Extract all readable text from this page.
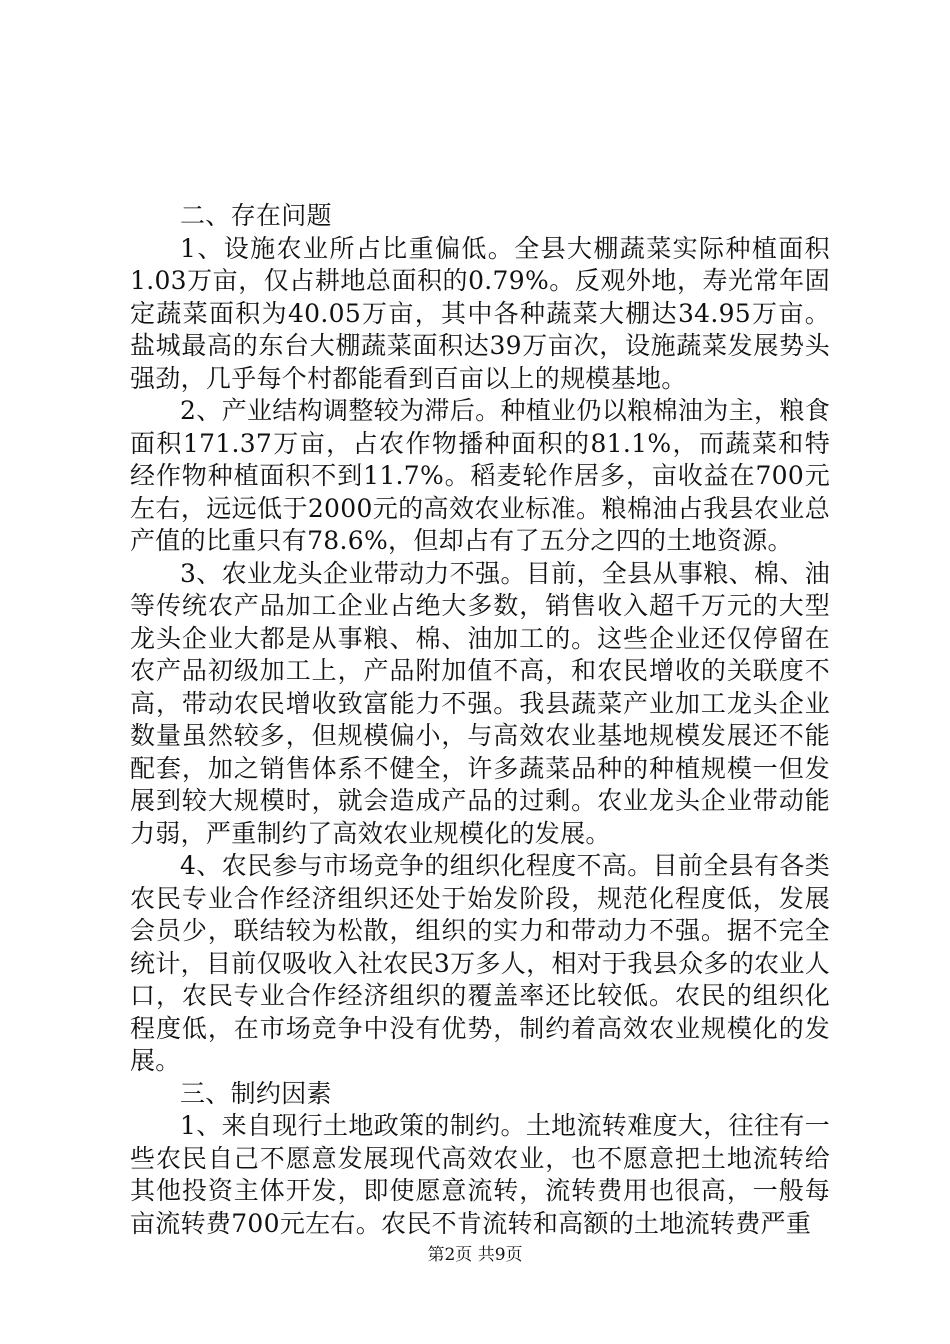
二、存在问题

1、设施农业所占比重偏低。全县大棚蔬菜实际种植面积1.03万亩，仅占耕地总面积的0.79%。反观外地，寿光常年固定蔬菜面积为40.05万亩，其中各种蔬菜大棚达34.95万亩。盐城最高的东台大棚蔬菜面积达39万亩次，设施蔬菜发展势头强劲，几乎每个村都能看到百亩以上的规模基地。

2、产业结构调整较为滞后。种植业仍以粮棉油为主，粮食面积171.37万亩，占农作物播种面积的81.1%，而蔬菜和特经作物种植面积不到11.7%。稻麦轮作居多，亩收益在700元左右，远远低于2000元的高效农业标准。粮棉油占我县农业总产值的比重只有78.6%，但却占有了五分之四的土地资源。

3、农业龙头企业带动力不强。目前，全县从事粮、棉、油等传统农产品加工企业占绝大多数，销售收入超千万元的大型龙头企业大都是从事粮、棉、油加工的。这些企业还仅停留在农产品初级加工上，产品附加值不高，和农民增收的关联度不高，带动农民增收致富能力不强。我县蔬菜产业加工龙头企业数量虽然较多，但规模偏小，与高效农业基地规模发展还不能配套，加之销售体系不健全，许多蔬菜品种的种植规模一但发展到较大规模时，就会造成产品的过剩。农业龙头企业带动能力弱，严重制约了高效农业规模化的发展。

4、农民参与市场竞争的组织化程度不高。目前全县有各类农民专业合作经济组织还处于始发阶段，规范化程度低，发展会员少，联结较为松散，组织的实力和带动力不强。据不完全统计，目前仅吸收入社农民3万多人，相对于我县众多的农业人口，农民专业合作经济组织的覆盖率还比较低。农民的组织化程度低，在市场竞争中没有优势，制约着高效农业规模化的发展。

三、制约因素

1、来自现行土地政策的制约。土地流转难度大，往往有一些农民自己不愿意发展现代高效农业，也不愿意把土地流转给其他投资主体开发，即使愿意流转，流转费用也很高，一般每亩流转费700元左右。农民不肯流转和高额的土地流转费严重

第2页 共9页
